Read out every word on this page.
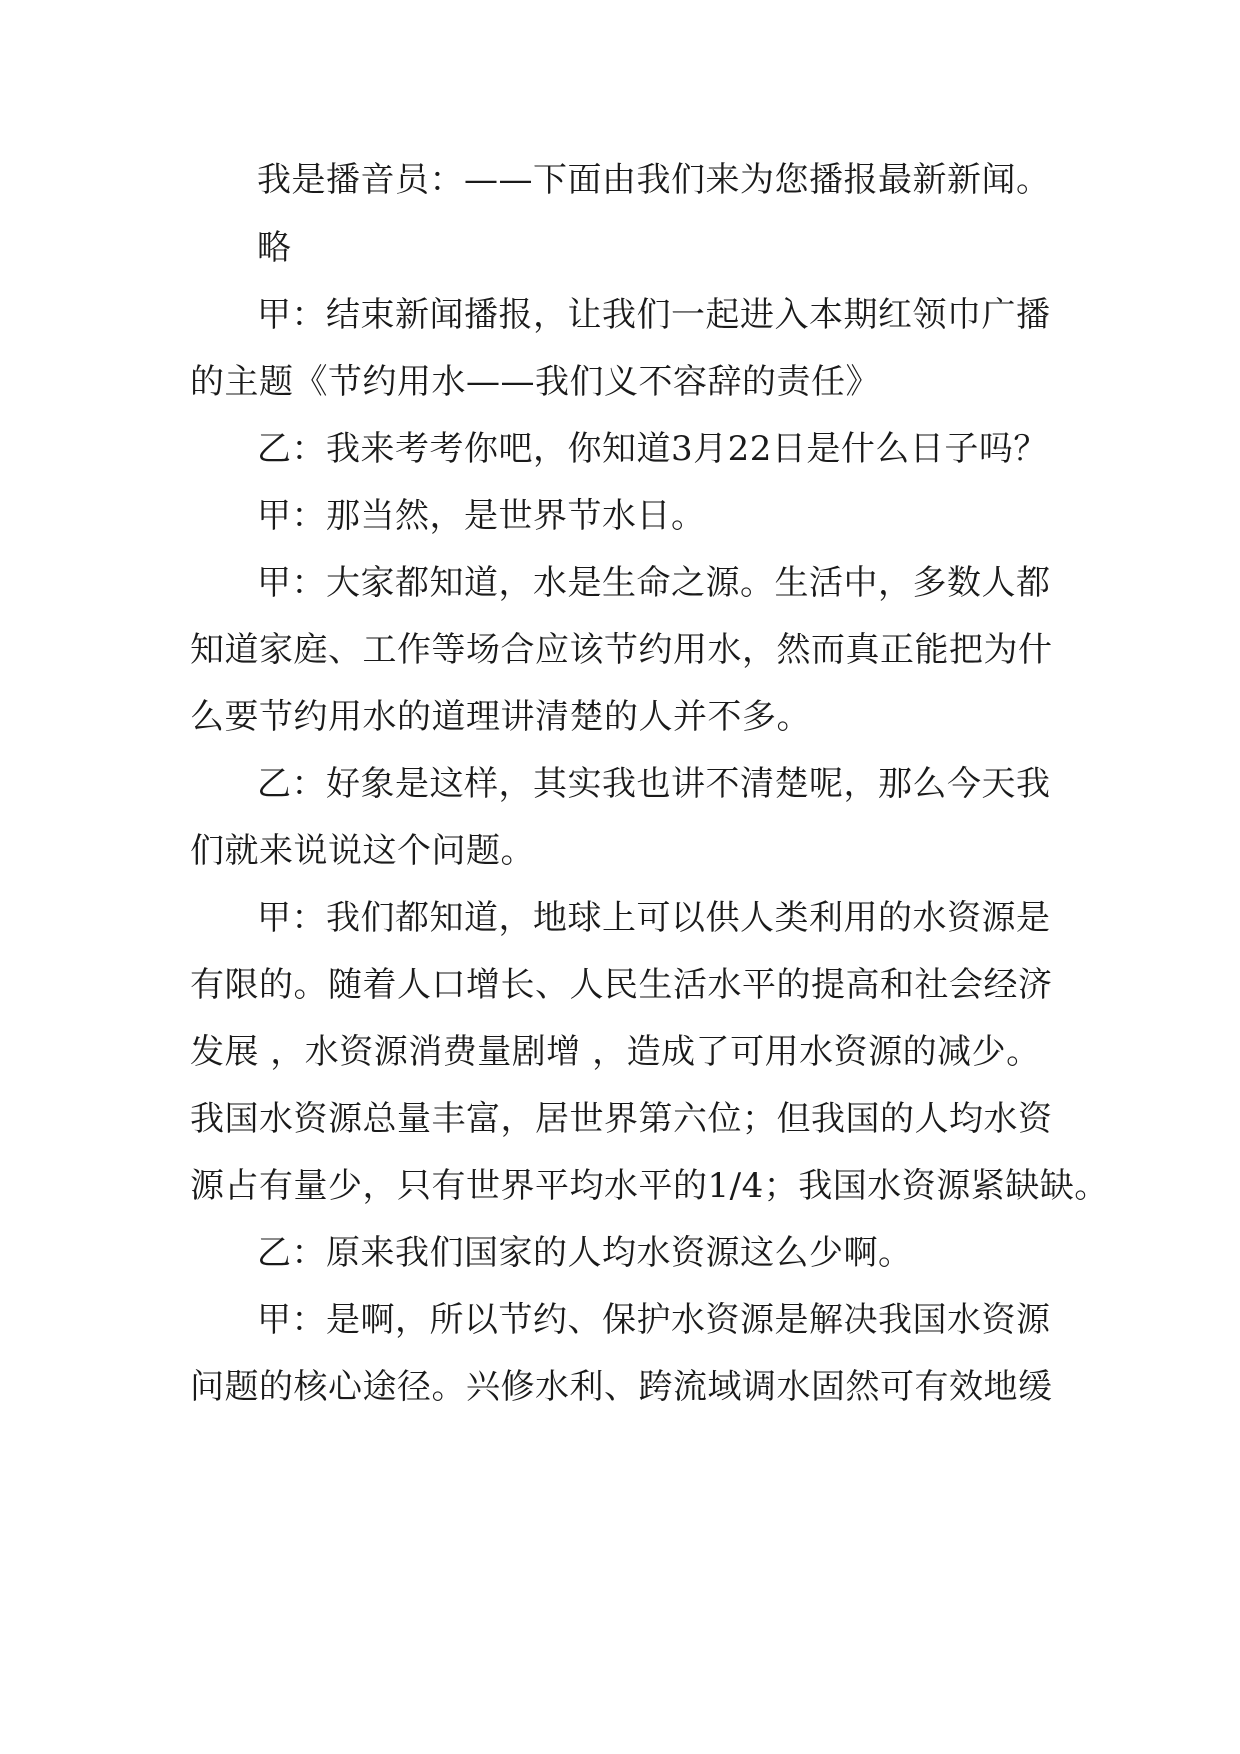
我是播音员：——下面由我们来为您播报最新新闻。
略
甲：结束新闻播报，让我们一起进入本期红领巾广播
的主题《节约用水——我们义不容辞的责任》
乙：我来考考你吧，你知道3月22日是什么日子吗？
甲：那当然，是世界节水日。
甲：大家都知道，水是生命之源。生活中，多数人都
知道家庭、工作等场合应该节约用水，然而真正能把为什
么要节约用水的道理讲清楚的人并不多。
乙：好象是这样，其实我也讲不清楚呢，那么今天我
们就来说说这个问题。
甲：我们都知道，地球上可以供人类利用的水资源是
有限的。随着人口增长、人民生活水平的提高和社会经济
发展 ，水资源消费量剧增 ，造成了可用水资源的减少。
我国水资源总量丰富，居世界第六位；但我国的人均水资
源占有量少，只有世界平均水平的1/4；我国水资源紧缺缺。
乙：原来我们国家的人均水资源这么少啊。
甲：是啊，所以节约、保护水资源是解决我国水资源
问题的核心途径。兴修水利、跨流域调水固然可有效地缓
